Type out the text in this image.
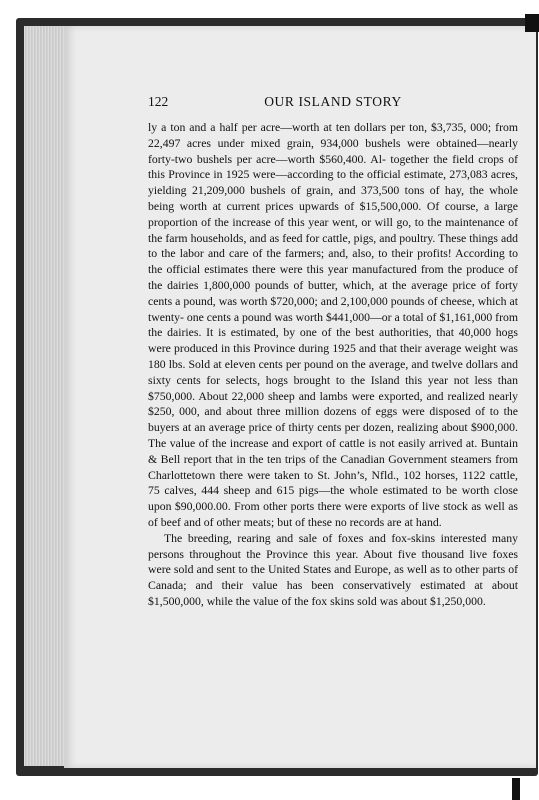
122	OUR ISLAND STORY

ly a ton and a half per acre—worth at ten dollars per ton, $3,735, 000; from 22,497 acres under mixed grain, 934,000 bushels were obtained—nearly forty-two bushels per acre—worth $560,400. Al- together the field crops of this Province in 1925 were—according to the official estimate, 273,083 acres, yielding 21,209,000 bushels of grain, and 373,500 tons of hay, the whole being worth at current prices upwards of $15,500,000. Of course, a large proportion of the increase of this year went, or will go, to the maintenance of the farm households, and as feed for cattle, pigs, and poultry. These things add to the labor and care of the farmers; and, also, to their profits! According to the official estimates there were this year manufactured from the produce of the dairies 1,800,000 pounds of butter, which, at the average price of forty cents a pound, was worth $720,000; and 2,100,000 pounds of cheese, which at twenty- one cents a pound was worth $441,000—or a total of $1,161,000 from the dairies. It is estimated, by one of the best authorities, that 40,000 hogs were produced in this Province during 1925 and that their average weight was 180 lbs. Sold at eleven cents per pound on the average, and twelve dollars and sixty cents for selects, hogs brought to the Island this year not less than $750,000. About 22,000 sheep and lambs were exported, and realized nearly $250, 000, and about three million dozens of eggs were disposed of to the buyers at an average price of thirty cents per dozen, realizing about $900,000. The value of the increase and export of cattle is not easily arrived at. Buntain & Bell report that in the ten trips of the Canadian Government steamers from Charlottetown there were taken to St. John’s, Nfld., 102 horses, 1122 cattle, 75 calves, 444 sheep and 615 pigs—the whole estimated to be worth close upon $90,000.00. From other ports there were exports of live stock as well as of beef and of other meats; but of these no records are at hand.

The breeding, rearing and sale of foxes and fox-skins interested many persons throughout the Province this year. About five thousand live foxes were sold and sent to the United States and Europe, as well as to other parts of Canada; and their value has been conservatively estimated at about $1,500,000, while the value of the fox skins sold was about $1,250,000.
